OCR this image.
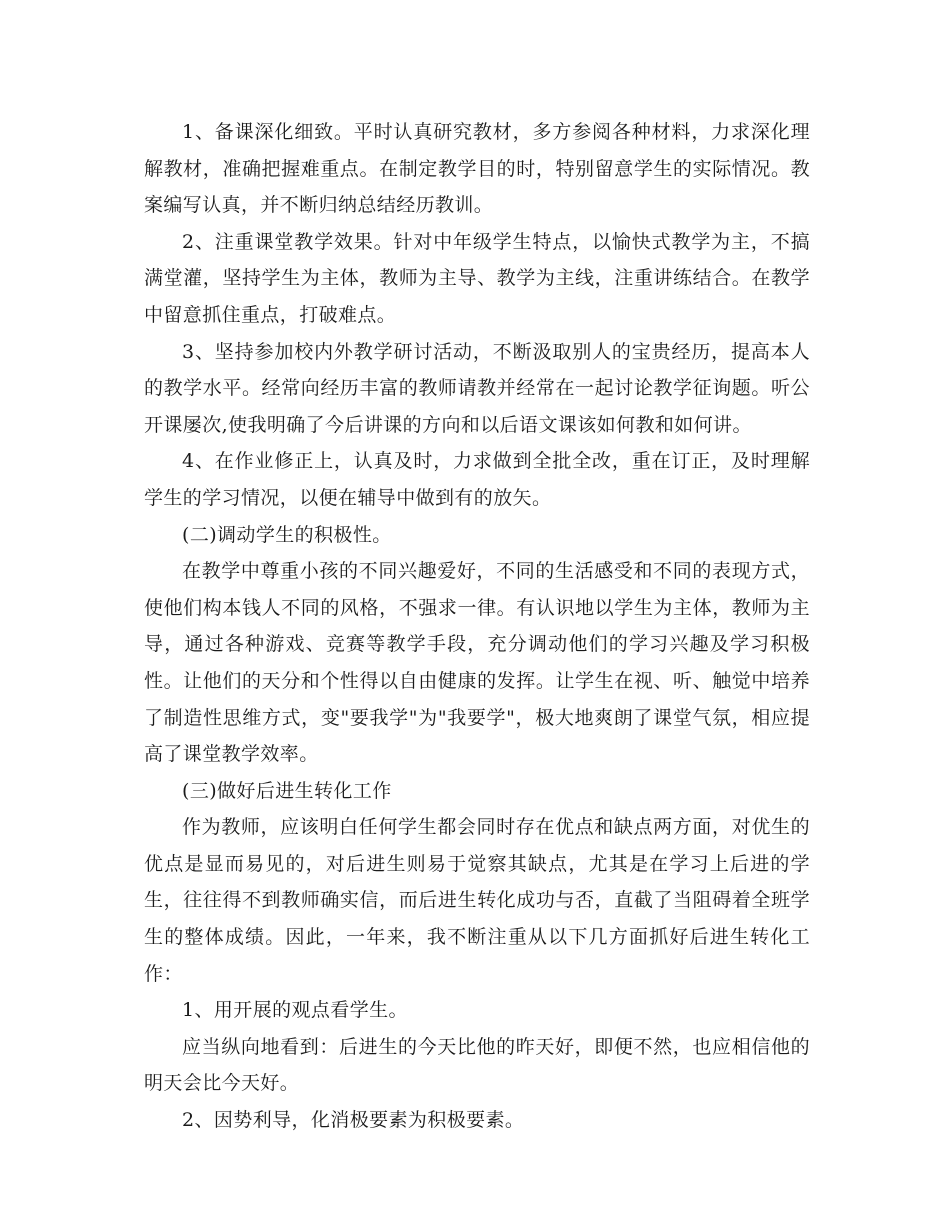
1、备课深化细致。平时认真研究教材，多方参阅各种材料，力求深化理解教材，准确把握难重点。在制定教学目的时，特别留意学生的实际情况。教案编写认真，并不断归纳总结经历教训。

2、注重课堂教学效果。针对中年级学生特点，以愉快式教学为主，不搞满堂灌，坚持学生为主体，教师为主导、教学为主线，注重讲练结合。在教学中留意抓住重点，打破难点。

3、坚持参加校内外教学研讨活动，不断汲取别人的宝贵经历，提高本人的教学水平。经常向经历丰富的教师请教并经常在一起讨论教学征询题。听公开课屡次,使我明确了今后讲课的方向和以后语文课该如何教和如何讲。

4、在作业修正上，认真及时，力求做到全批全改，重在订正，及时理解学生的学习情况，以便在辅导中做到有的放矢。

(二)调动学生的积极性。

在教学中尊重小孩的不同兴趣爱好，不同的生活感受和不同的表现方式，使他们构本钱人不同的风格，不强求一律。有认识地以学生为主体，教师为主导，通过各种游戏、竞赛等教学手段，充分调动他们的学习兴趣及学习积极性。让他们的天分和个性得以自由健康的发挥。让学生在视、听、触觉中培养了制造性思维方式，变"要我学"为"我要学"，极大地爽朗了课堂气氛，相应提高了课堂教学效率。

(三)做好后进生转化工作

作为教师，应该明白任何学生都会同时存在优点和缺点两方面，对优生的优点是显而易见的，对后进生则易于觉察其缺点，尤其是在学习上后进的学生，往往得不到教师确实信，而后进生转化成功与否，直截了当阻碍着全班学生的整体成绩。因此，一年来，我不断注重从以下几方面抓好后进生转化工作：

1、用开展的观点看学生。

应当纵向地看到：后进生的今天比他的昨天好，即便不然，也应相信他的明天会比今天好。

2、因势利导，化消极要素为积极要素。
